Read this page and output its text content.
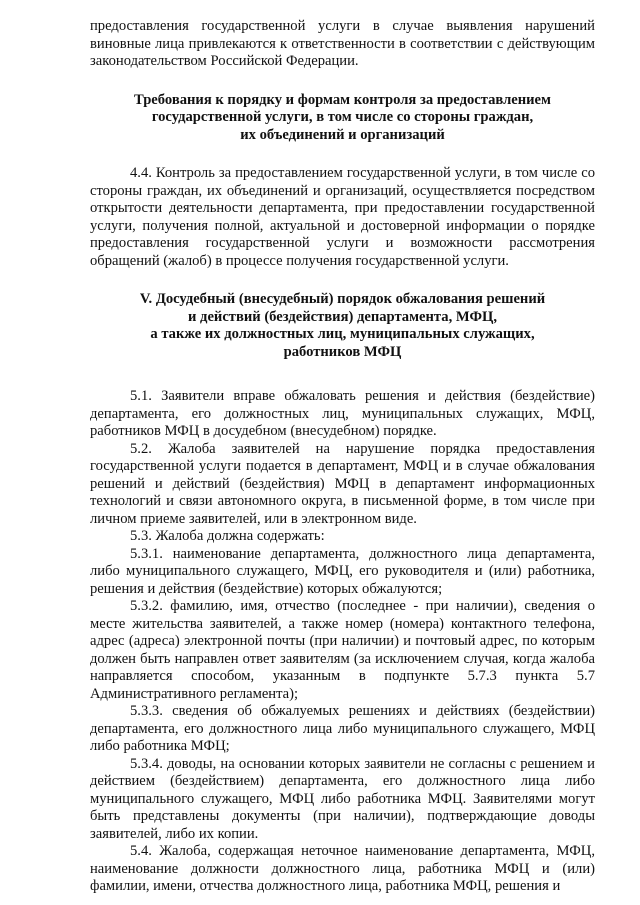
предоставления государственной услуги в случае выявления нарушений виновные лица привлекаются к ответственности в соответствии с действующим законодательством Российской Федерации.

Требования к порядку и формам контроля за предоставлением
государственной услуги, в том числе со стороны граждан,
их объединений и организаций

4.4. Контроль за предоставлением государственной услуги, в том числе со стороны граждан, их объединений и организаций, осуществляется посредством открытости деятельности департамента, при предоставлении государственной услуги, получения полной, актуальной и достоверной информации о порядке предоставления государственной услуги и возможности рассмотрения обращений (жалоб) в процессе получения государственной услуги.

V. Досудебный (внесудебный) порядок обжалования решений
и действий (бездействия) департамента, МФЦ,
а также их должностных лиц, муниципальных служащих,
работников МФЦ

5.1. Заявители вправе обжаловать решения и действия (бездействие) департамента, его должностных лиц, муниципальных служащих, МФЦ, работников МФЦ в досудебном (внесудебном) порядке.

5.2. Жалоба заявителей на нарушение порядка предоставления государственной услуги подается в департамент, МФЦ и в случае обжалования решений и действий (бездействия) МФЦ в департамент информационных технологий и связи автономного округа, в письменной форме, в том числе при личном приеме заявителей, или в электронном виде.

5.3. Жалоба должна содержать:

5.3.1. наименование департамента, должностного лица департамента, либо муниципального служащего, МФЦ, его руководителя и (или) работника, решения и действия (бездействие) которых обжалуются;

5.3.2. фамилию, имя, отчество (последнее - при наличии), сведения о месте жительства заявителей, а также номер (номера) контактного телефона, адрес (адреса) электронной почты (при наличии) и почтовый адрес, по которым должен быть направлен ответ заявителям (за исключением случая, когда жалоба направляется способом, указанным в подпункте 5.7.3 пункта 5.7 Административного регламента);

5.3.3. сведения об обжалуемых решениях и действиях (бездействии) департамента, его должностного лица либо муниципального служащего, МФЦ либо работника МФЦ;

5.3.4. доводы, на основании которых заявители не согласны с решением и действием (бездействием) департамента, его должностного лица либо муниципального служащего, МФЦ либо работника МФЦ. Заявителями могут быть представлены документы (при наличии), подтверждающие доводы заявителей, либо их копии.

5.4. Жалоба, содержащая неточное наименование департамента, МФЦ, наименование должности должностного лица, работника МФЦ и (или) фамилии, имени, отчества должностного лица, работника МФЦ, решения и
